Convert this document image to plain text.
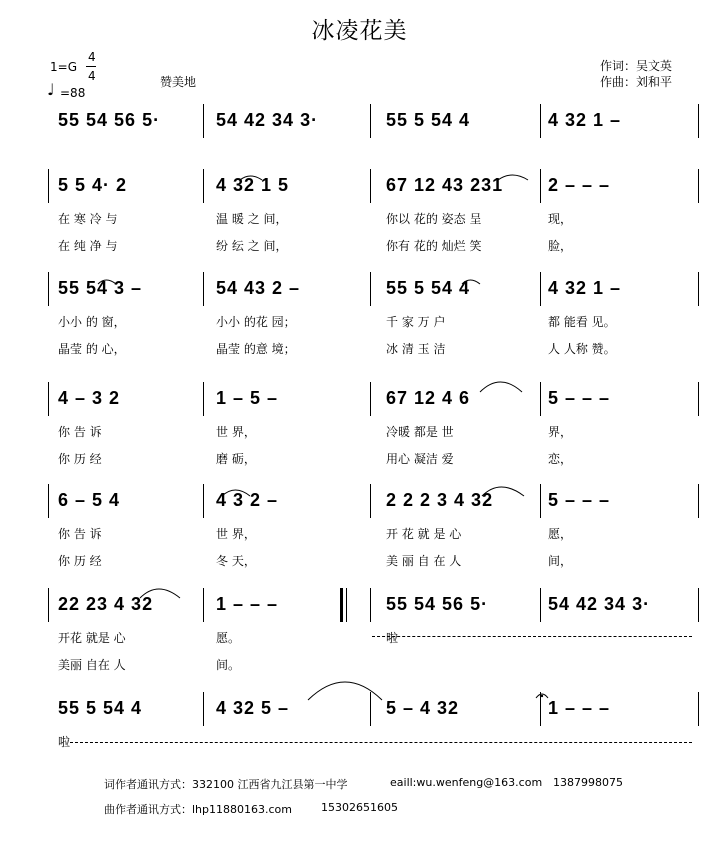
冰凌花美
1=G
4
4
♩ =88
赞美地
作词：吴文英
作曲：刘和平
55 54 56 5·	54 42 34 3·	55 5 54 4	4 32 1 –
5 5 4· 2	4 32 1 5	67 12 43 231	2 – – –
在 寒 冷 与	温 暖 之 间，	你以 花的 姿态 呈	现，
在 纯 净 与	纷 纭 之 间，	你有 花的 灿烂 笑	脸，
55 54 3 –	54 43 2 –	55 5 54 4	4 32 1 –
小小 的 窗，	小小 的花 园；	千 家 万 户	都 能看 见。
晶莹 的 心，	晶莹 的意 境；	冰 清 玉 洁	人 人称 赞。
4 – 3 2	1 – 5 –	67 12 4 6	5 – – –
你 告 诉	世 界，	冷暖 都是 世	界，
你 历 经	磨 砺，	用心 凝洁 爱	恋，
6 – 5 4	4 3 2 –	2 2 2 3 4 32	5 – – –
你 告 诉	世 界，	开 花 就 是 心	愿，
你 历 经	冬 天，	美 丽 自 在 人	间，
22 23 4 32	1 – – –	55 54 56 5·	54 42 34 3·
开花 就是 心	愿。	啦
美丽 自在 人	间。
55 5 54 4	4 32 5 –	5 – 4 32	1 – – –
啦
词作者通讯方式：332100 江西省九江县第一中学	eaill:wu.wenfeng@163.com 1387998075
曲作者通讯方式：lhp11880163.com	15302651605
